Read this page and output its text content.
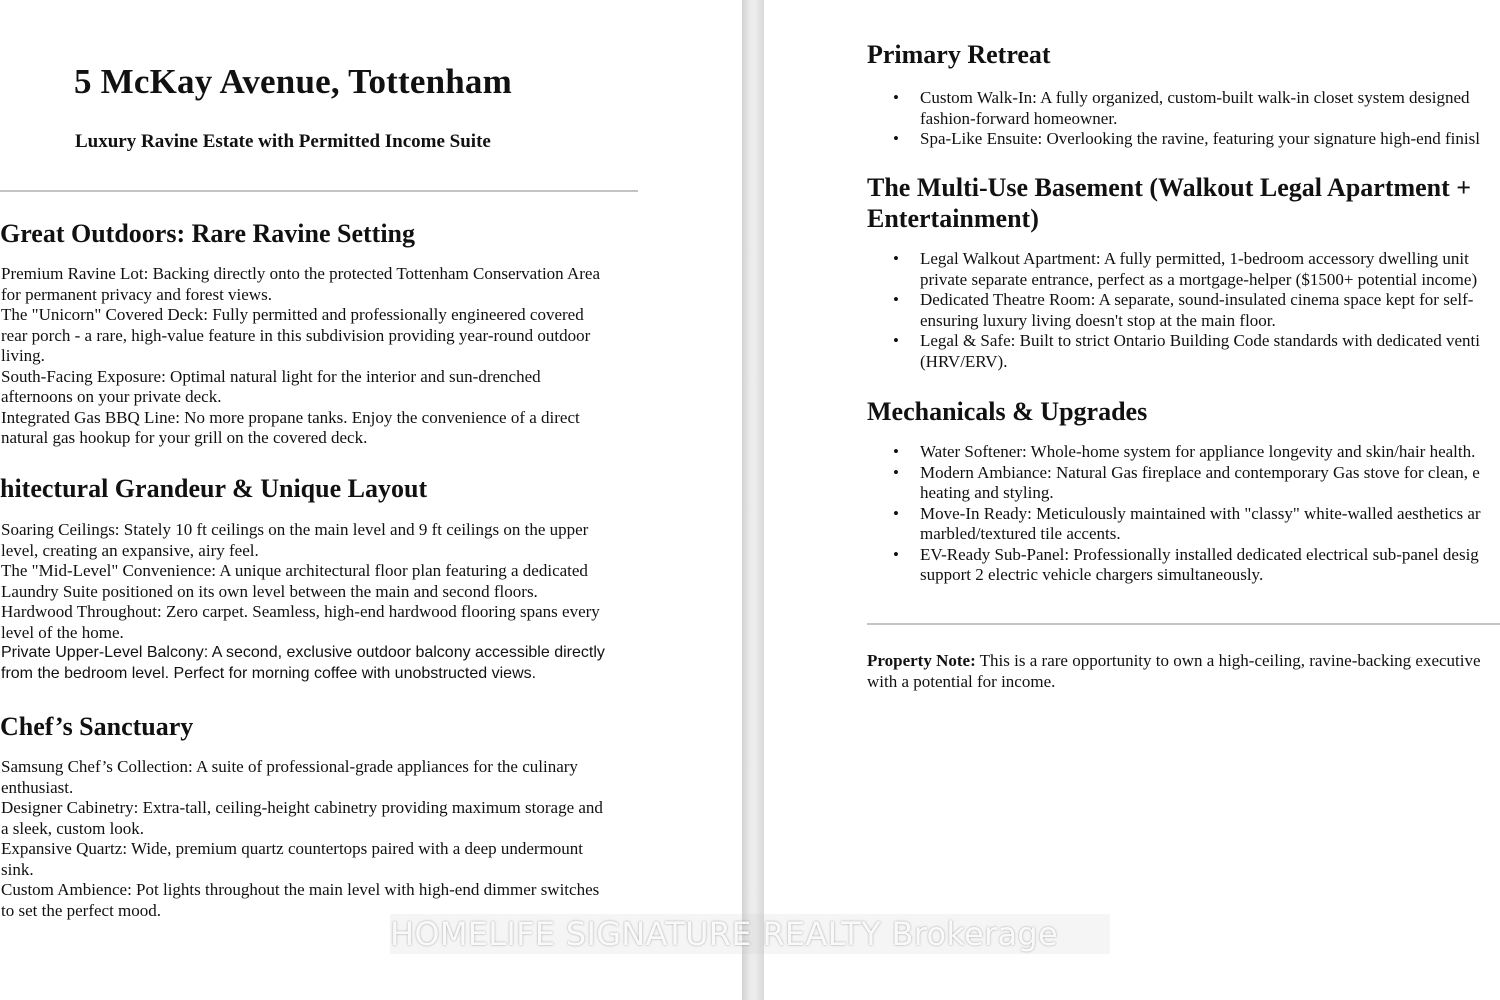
5 McKay Avenue, Tottenham

Luxury Ravine Estate with Permitted Income Suite

Great Outdoors: Rare Ravine Setting
Premium Ravine Lot: Backing directly onto the protected Tottenham Conservation Area
for permanent privacy and forest views.
The "Unicorn" Covered Deck: Fully permitted and professionally engineered covered
rear porch - a rare, high-value feature in this subdivision providing year-round outdoor
living.
South-Facing Exposure: Optimal natural light for the interior and sun-drenched
afternoons on your private deck.
Integrated Gas BBQ Line: No more propane tanks. Enjoy the convenience of a direct
natural gas hookup for your grill on the covered deck.
hitectural Grandeur & Unique Layout
Soaring Ceilings: Stately 10 ft ceilings on the main level and 9 ft ceilings on the upper
level, creating an expansive, airy feel.
The "Mid-Level" Convenience: A unique architectural floor plan featuring a dedicated
Laundry Suite positioned on its own level between the main and second floors.
Hardwood Throughout: Zero carpet. Seamless, high-end hardwood flooring spans every
level of the home.
Private Upper-Level Balcony: A second, exclusive outdoor balcony accessible directly
from the bedroom level. Perfect for morning coffee with unobstructed views.
Chef’s Sanctuary
Samsung Chef’s Collection: A suite of professional-grade appliances for the culinary
enthusiast.
Designer Cabinetry: Extra-tall, ceiling-height cabinetry providing maximum storage and
a sleek, custom look.
Expansive Quartz: Wide, premium quartz countertops paired with a deep undermount
sink.
Custom Ambience: Pot lights throughout the main level with high-end dimmer switches
to set the perfect mood.
Primary Retreat
• Custom Walk-In: A fully organized, custom-built walk-in closet system designed
fashion-forward homeowner.
• Spa-Like Ensuite: Overlooking the ravine, featuring your signature high-end finisl
The Multi-Use Basement (Walkout Legal Apartment +
Entertainment)
• Legal Walkout Apartment: A fully permitted, 1-bedroom accessory dwelling unit
private separate entrance, perfect as a mortgage-helper ($1500+ potential income)
• Dedicated Theatre Room: A separate, sound-insulated cinema space kept for self-
ensuring luxury living doesn't stop at the main floor.
• Legal & Safe: Built to strict Ontario Building Code standards with dedicated venti
(HRV/ERV).
Mechanicals & Upgrades
• Water Softener: Whole-home system for appliance longevity and skin/hair health.
• Modern Ambiance: Natural Gas fireplace and contemporary Gas stove for clean, e
heating and styling.
• Move-In Ready: Meticulously maintained with "classy" white-walled aesthetics ar
marbled/textured tile accents.
• EV-Ready Sub-Panel: Professionally installed dedicated electrical sub-panel desig
support 2 electric vehicle chargers simultaneously.

Property Note: This is a rare opportunity to own a high-ceiling, ravine-backing executive
with a potential for income.

HOMELIFE SIGNATURE REALTY Brokerage
